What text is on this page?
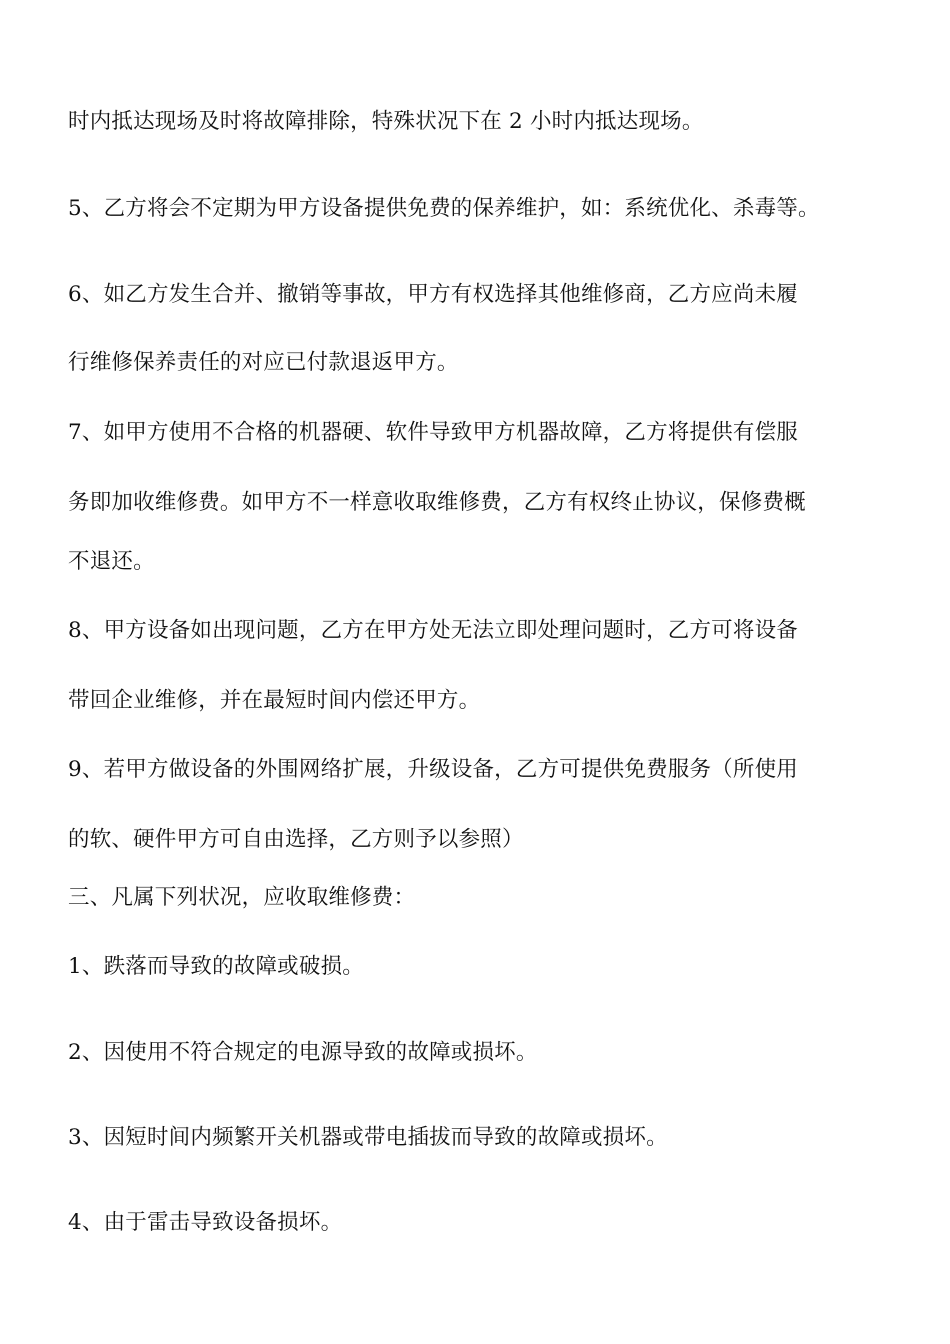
时内抵达现场及时将故障排除，特殊状况下在 2 小时内抵达现场。
5、乙方将会不定期为甲方设备提供免费的保养维护，如：系统优化、杀毒等。
6、如乙方发生合并、撤销等事故，甲方有权选择其他维修商，乙方应尚未履
行维修保养责任的对应已付款退返甲方。
7、如甲方使用不合格的机器硬、软件导致甲方机器故障，乙方将提供有偿服
务即加收维修费。如甲方不一样意收取维修费，乙方有权终止协议，保修费概
不退还。
8、甲方设备如出现问题，乙方在甲方处无法立即处理问题时，乙方可将设备
带回企业维修，并在最短时间内偿还甲方。
9、若甲方做设备的外围网络扩展，升级设备，乙方可提供免费服务（所使用
的软、硬件甲方可自由选择，乙方则予以参照）
三、凡属下列状况，应收取维修费：
1、跌落而导致的故障或破损。
2、因使用不符合规定的电源导致的故障或损坏。
3、因短时间内频繁开关机器或带电插拔而导致的故障或损坏。
4、由于雷击导致设备损坏。
